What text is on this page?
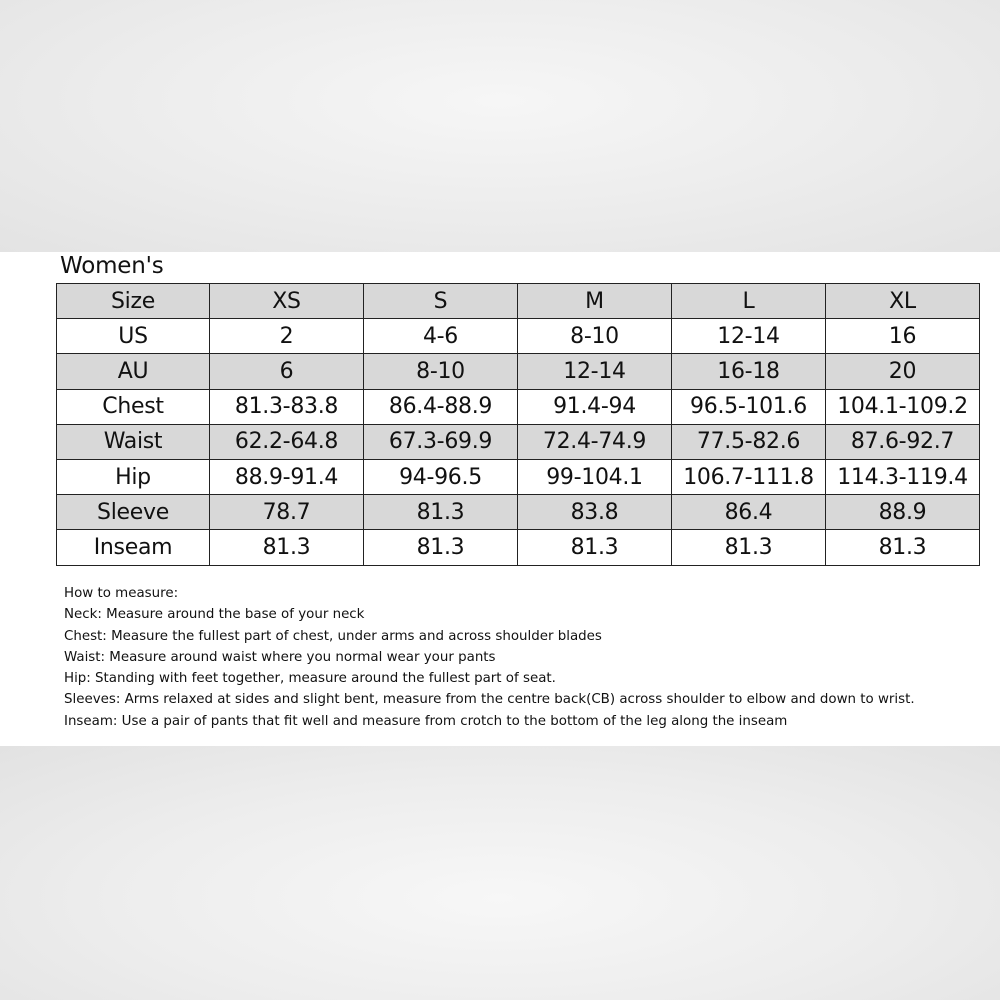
Women's
Size	XS	S	M	L	XL
US	2	4-6	8-10	12-14	16
AU	6	8-10	12-14	16-18	20
Chest	81.3-83.8	86.4-88.9	91.4-94	96.5-101.6	104.1-109.2
Waist	62.2-64.8	67.3-69.9	72.4-74.9	77.5-82.6	87.6-92.7
Hip	88.9-91.4	94-96.5	99-104.1	106.7-111.8	114.3-119.4
Sleeve	78.7	81.3	83.8	86.4	88.9
Inseam	81.3	81.3	81.3	81.3	81.3
How to measure:
Neck: Measure around the base of your neck
Chest: Measure the fullest part of chest, under arms and across shoulder blades
Waist: Measure around waist where you normal wear your pants
Hip: Standing with feet together, measure around the fullest part of seat.
Sleeves: Arms relaxed at sides and slight bent, measure from the centre back(CB) across shoulder to elbow and down to wrist.
Inseam: Use a pair of pants that fit well and measure from crotch to the bottom of the leg along the inseam
